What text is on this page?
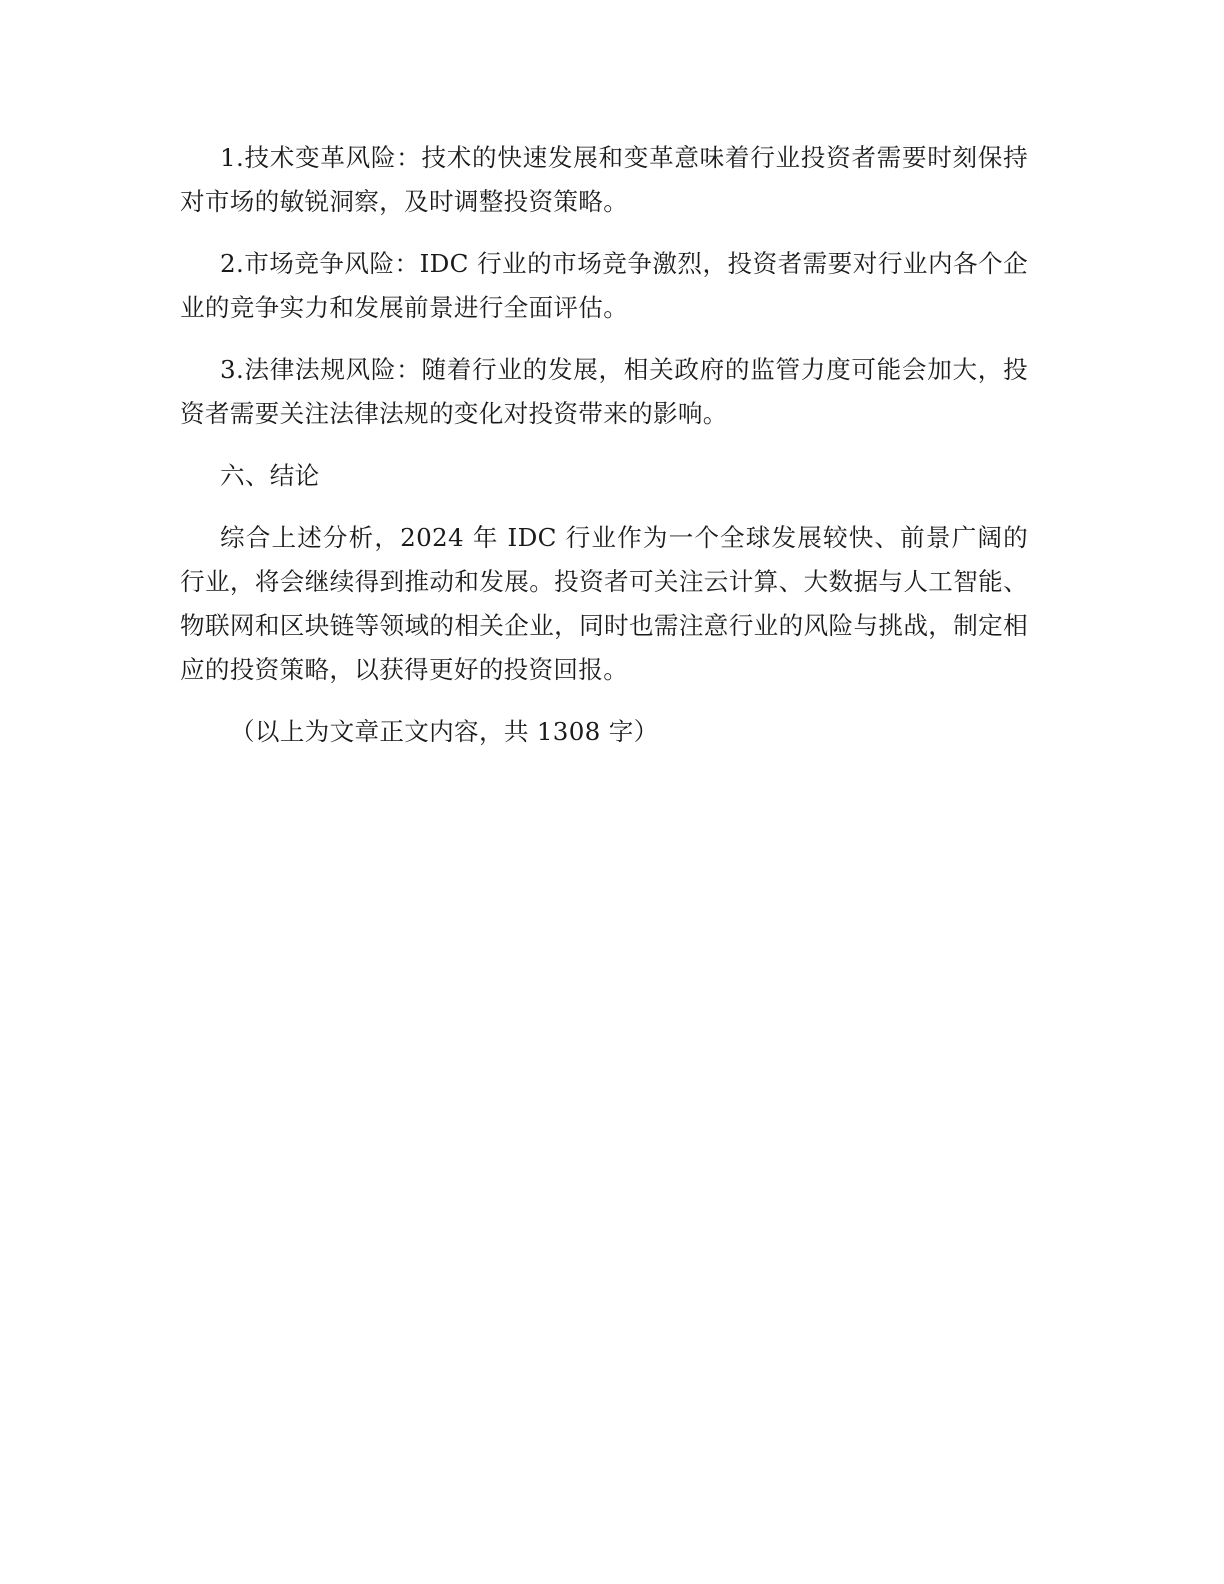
1.技术变革风险：技术的快速发展和变革意味着行业投资者需要时刻保持对市场的敏锐洞察，及时调整投资策略。

2.市场竞争风险：IDC 行业的市场竞争激烈，投资者需要对行业内各个企业的竞争实力和发展前景进行全面评估。

3.法律法规风险：随着行业的发展，相关政府的监管力度可能会加大，投资者需要关注法律法规的变化对投资带来的影响。

六、结论

综合上述分析，2024 年 IDC 行业作为一个全球发展较快、前景广阔的行业，将会继续得到推动和发展。投资者可关注云计算、大数据与人工智能、物联网和区块链等领域的相关企业，同时也需注意行业的风险与挑战，制定相应的投资策略，以获得更好的投资回报。

（以上为文章正文内容，共 1308 字）
